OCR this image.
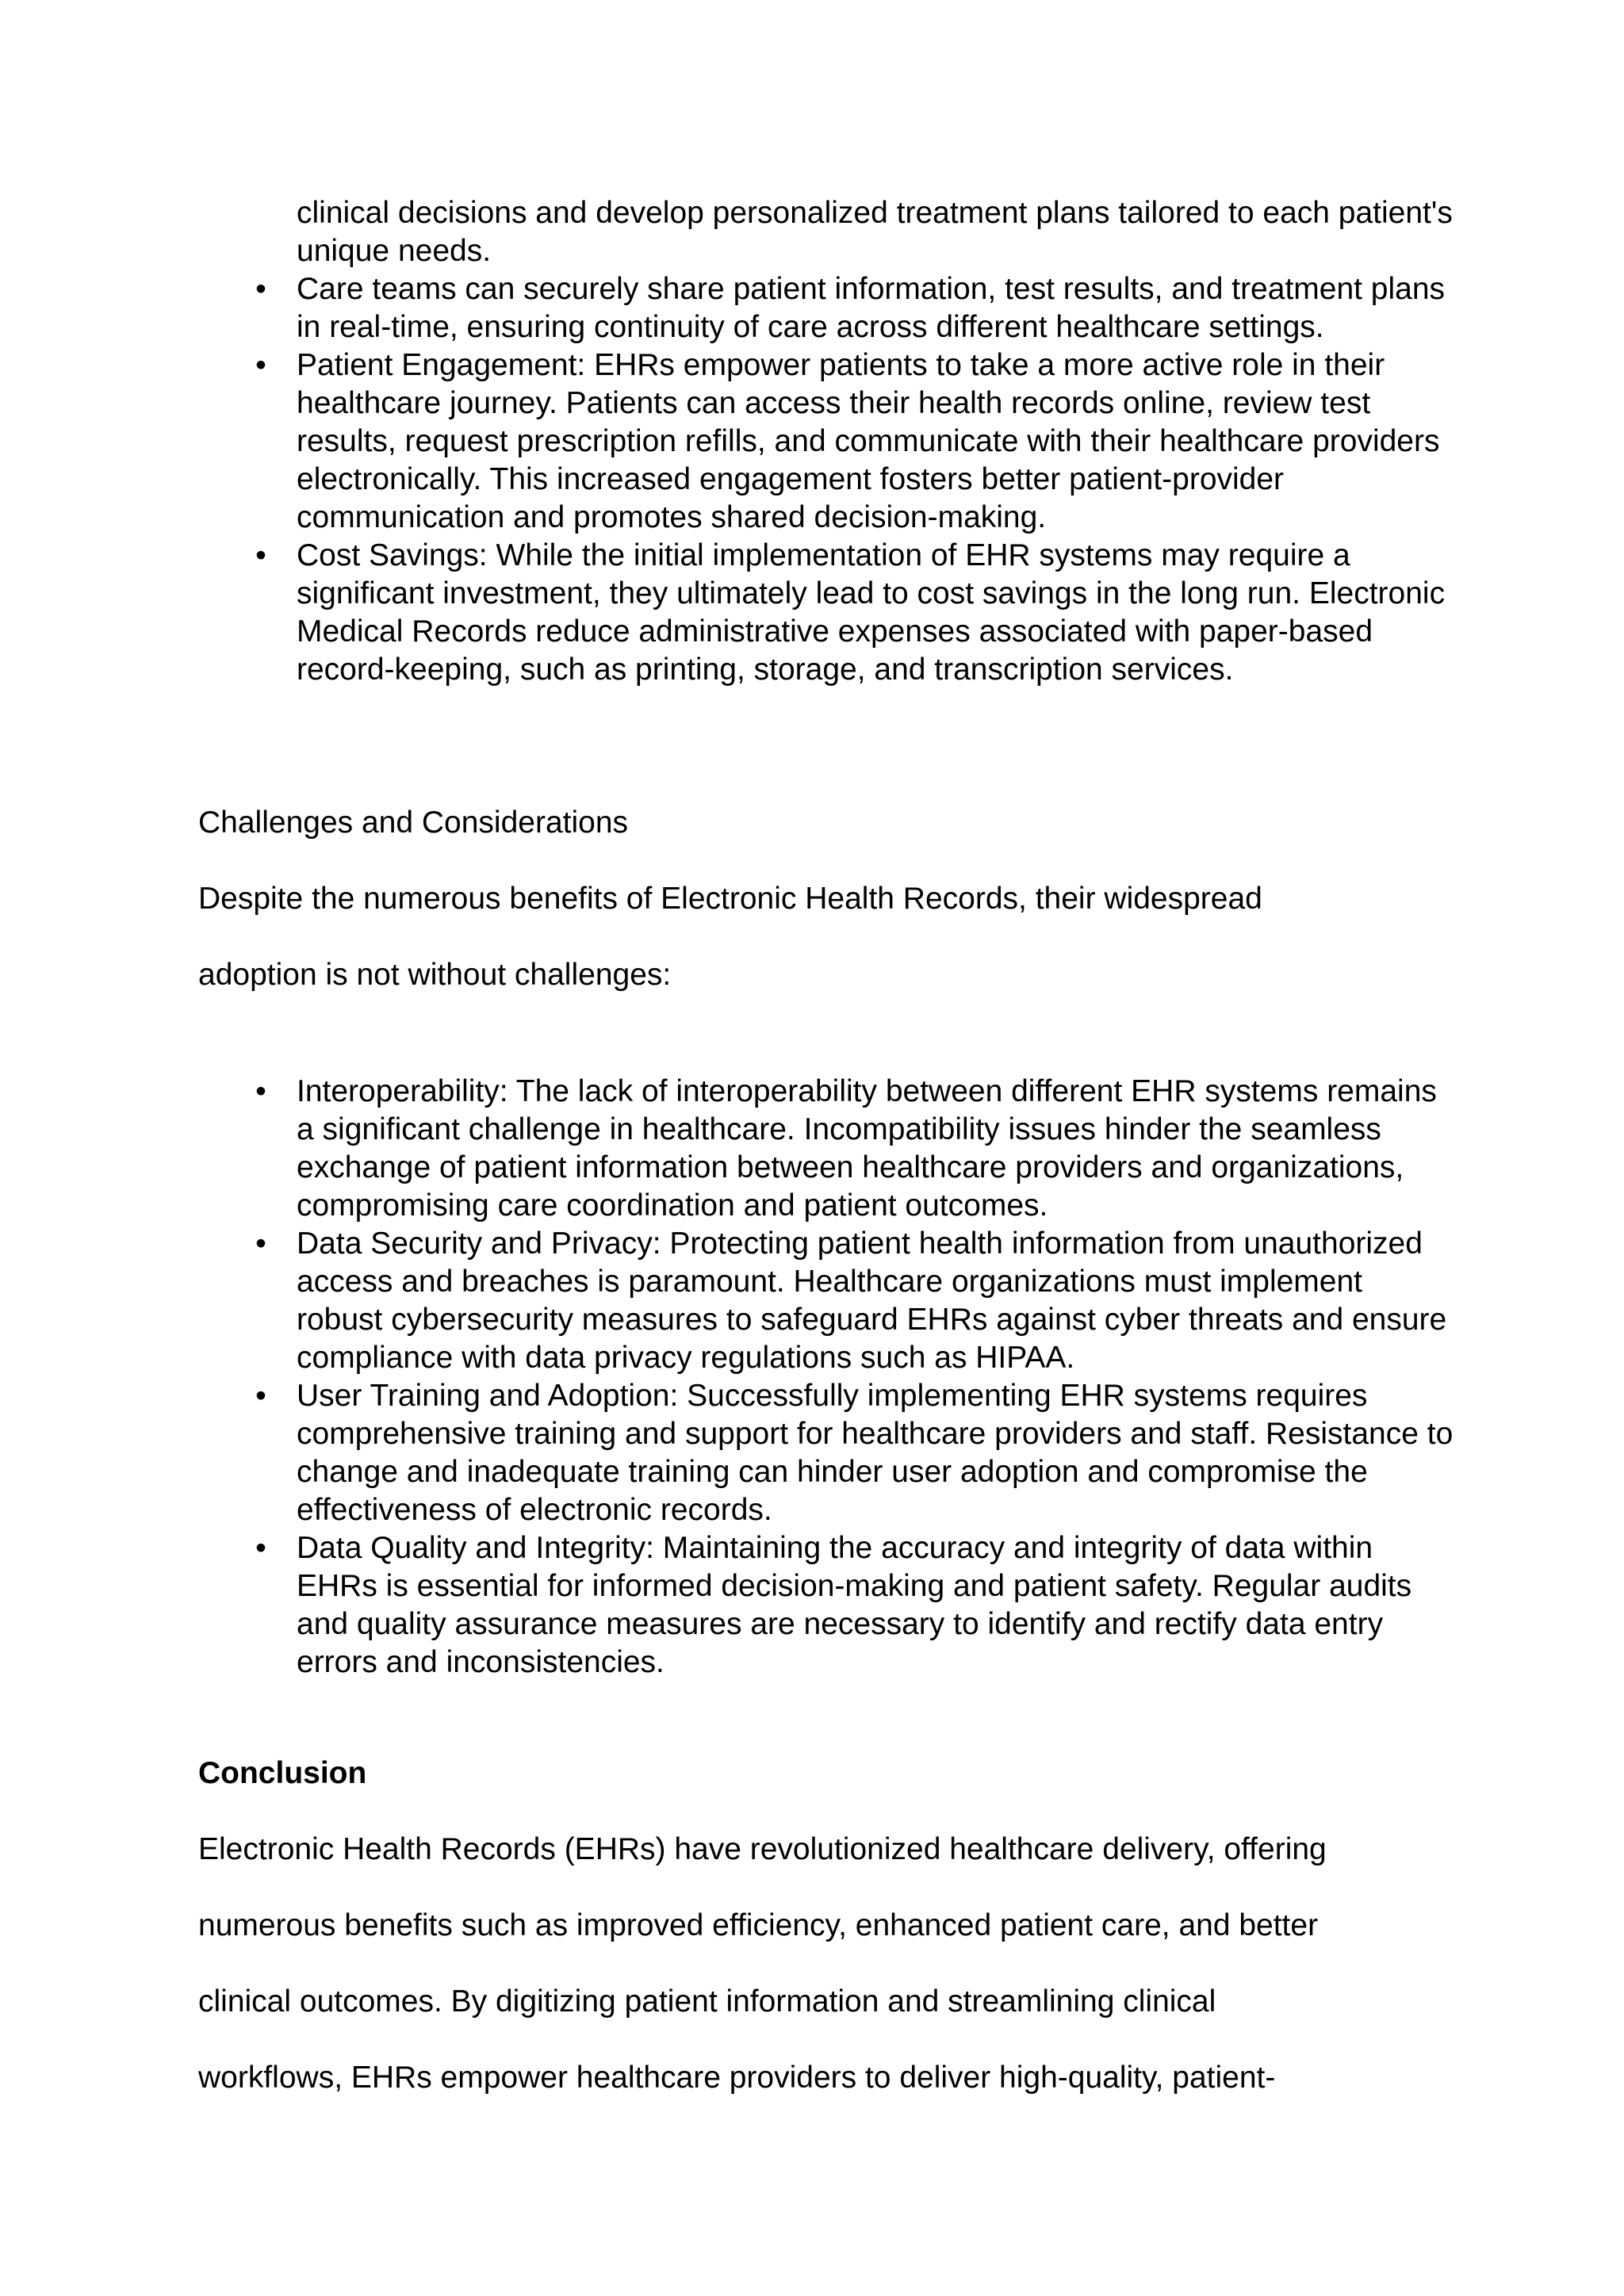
clinical decisions and develop personalized treatment plans tailored to each patient's unique needs.
• Care teams can securely share patient information, test results, and treatment plans in real-time, ensuring continuity of care across different healthcare settings.
• Patient Engagement: EHRs empower patients to take a more active role in their healthcare journey. Patients can access their health records online, review test results, request prescription refills, and communicate with their healthcare providers electronically. This increased engagement fosters better patient-provider communication and promotes shared decision-making.
• Cost Savings: While the initial implementation of EHR systems may require a significant investment, they ultimately lead to cost savings in the long run. Electronic Medical Records reduce administrative expenses associated with paper-based record-keeping, such as printing, storage, and transcription services.

Challenges and Considerations

Despite the numerous benefits of Electronic Health Records, their widespread

adoption is not without challenges:

• Interoperability: The lack of interoperability between different EHR systems remains a significant challenge in healthcare. Incompatibility issues hinder the seamless exchange of patient information between healthcare providers and organizations, compromising care coordination and patient outcomes.
• Data Security and Privacy: Protecting patient health information from unauthorized access and breaches is paramount. Healthcare organizations must implement robust cybersecurity measures to safeguard EHRs against cyber threats and ensure compliance with data privacy regulations such as HIPAA.
• User Training and Adoption: Successfully implementing EHR systems requires comprehensive training and support for healthcare providers and staff. Resistance to change and inadequate training can hinder user adoption and compromise the effectiveness of electronic records.
• Data Quality and Integrity: Maintaining the accuracy and integrity of data within EHRs is essential for informed decision-making and patient safety. Regular audits and quality assurance measures are necessary to identify and rectify data entry errors and inconsistencies.

Conclusion

Electronic Health Records (EHRs) have revolutionized healthcare delivery, offering

numerous benefits such as improved efficiency, enhanced patient care, and better

clinical outcomes. By digitizing patient information and streamlining clinical

workflows, EHRs empower healthcare providers to deliver high-quality, patient-
